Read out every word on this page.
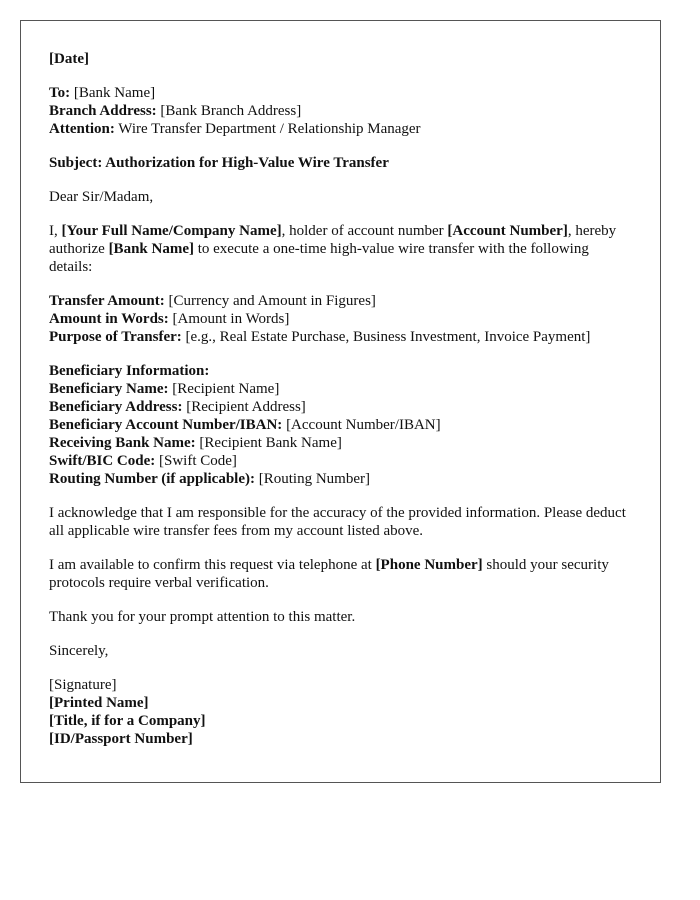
[Date]
To: [Bank Name]
Branch Address: [Bank Branch Address]
Attention: Wire Transfer Department / Relationship Manager
Subject: Authorization for High-Value Wire Transfer
Dear Sir/Madam,

I, [Your Full Name/Company Name], holder of account number [Account Number], hereby authorize [Bank Name] to execute a one-time high-value wire transfer with the following details:

Transfer Amount: [Currency and Amount in Figures]
Amount in Words: [Amount in Words]
Purpose of Transfer: [e.g., Real Estate Purchase, Business Investment, Invoice Payment]
Beneficiary Information:
Beneficiary Name: [Recipient Name]
Beneficiary Address: [Recipient Address]
Beneficiary Account Number/IBAN: [Account Number/IBAN]
Receiving Bank Name: [Recipient Bank Name]
Swift/BIC Code: [Swift Code]
Routing Number (if applicable): [Routing Number]

I acknowledge that I am responsible for the accuracy of the provided information. Please deduct all applicable wire transfer fees from my account listed above.

I am available to confirm this request via telephone at [Phone Number] should your security protocols require verbal verification.

Thank you for your prompt attention to this matter.

Sincerely,

[Signature]
[Printed Name]
[Title, if for a Company]
[ID/Passport Number]
